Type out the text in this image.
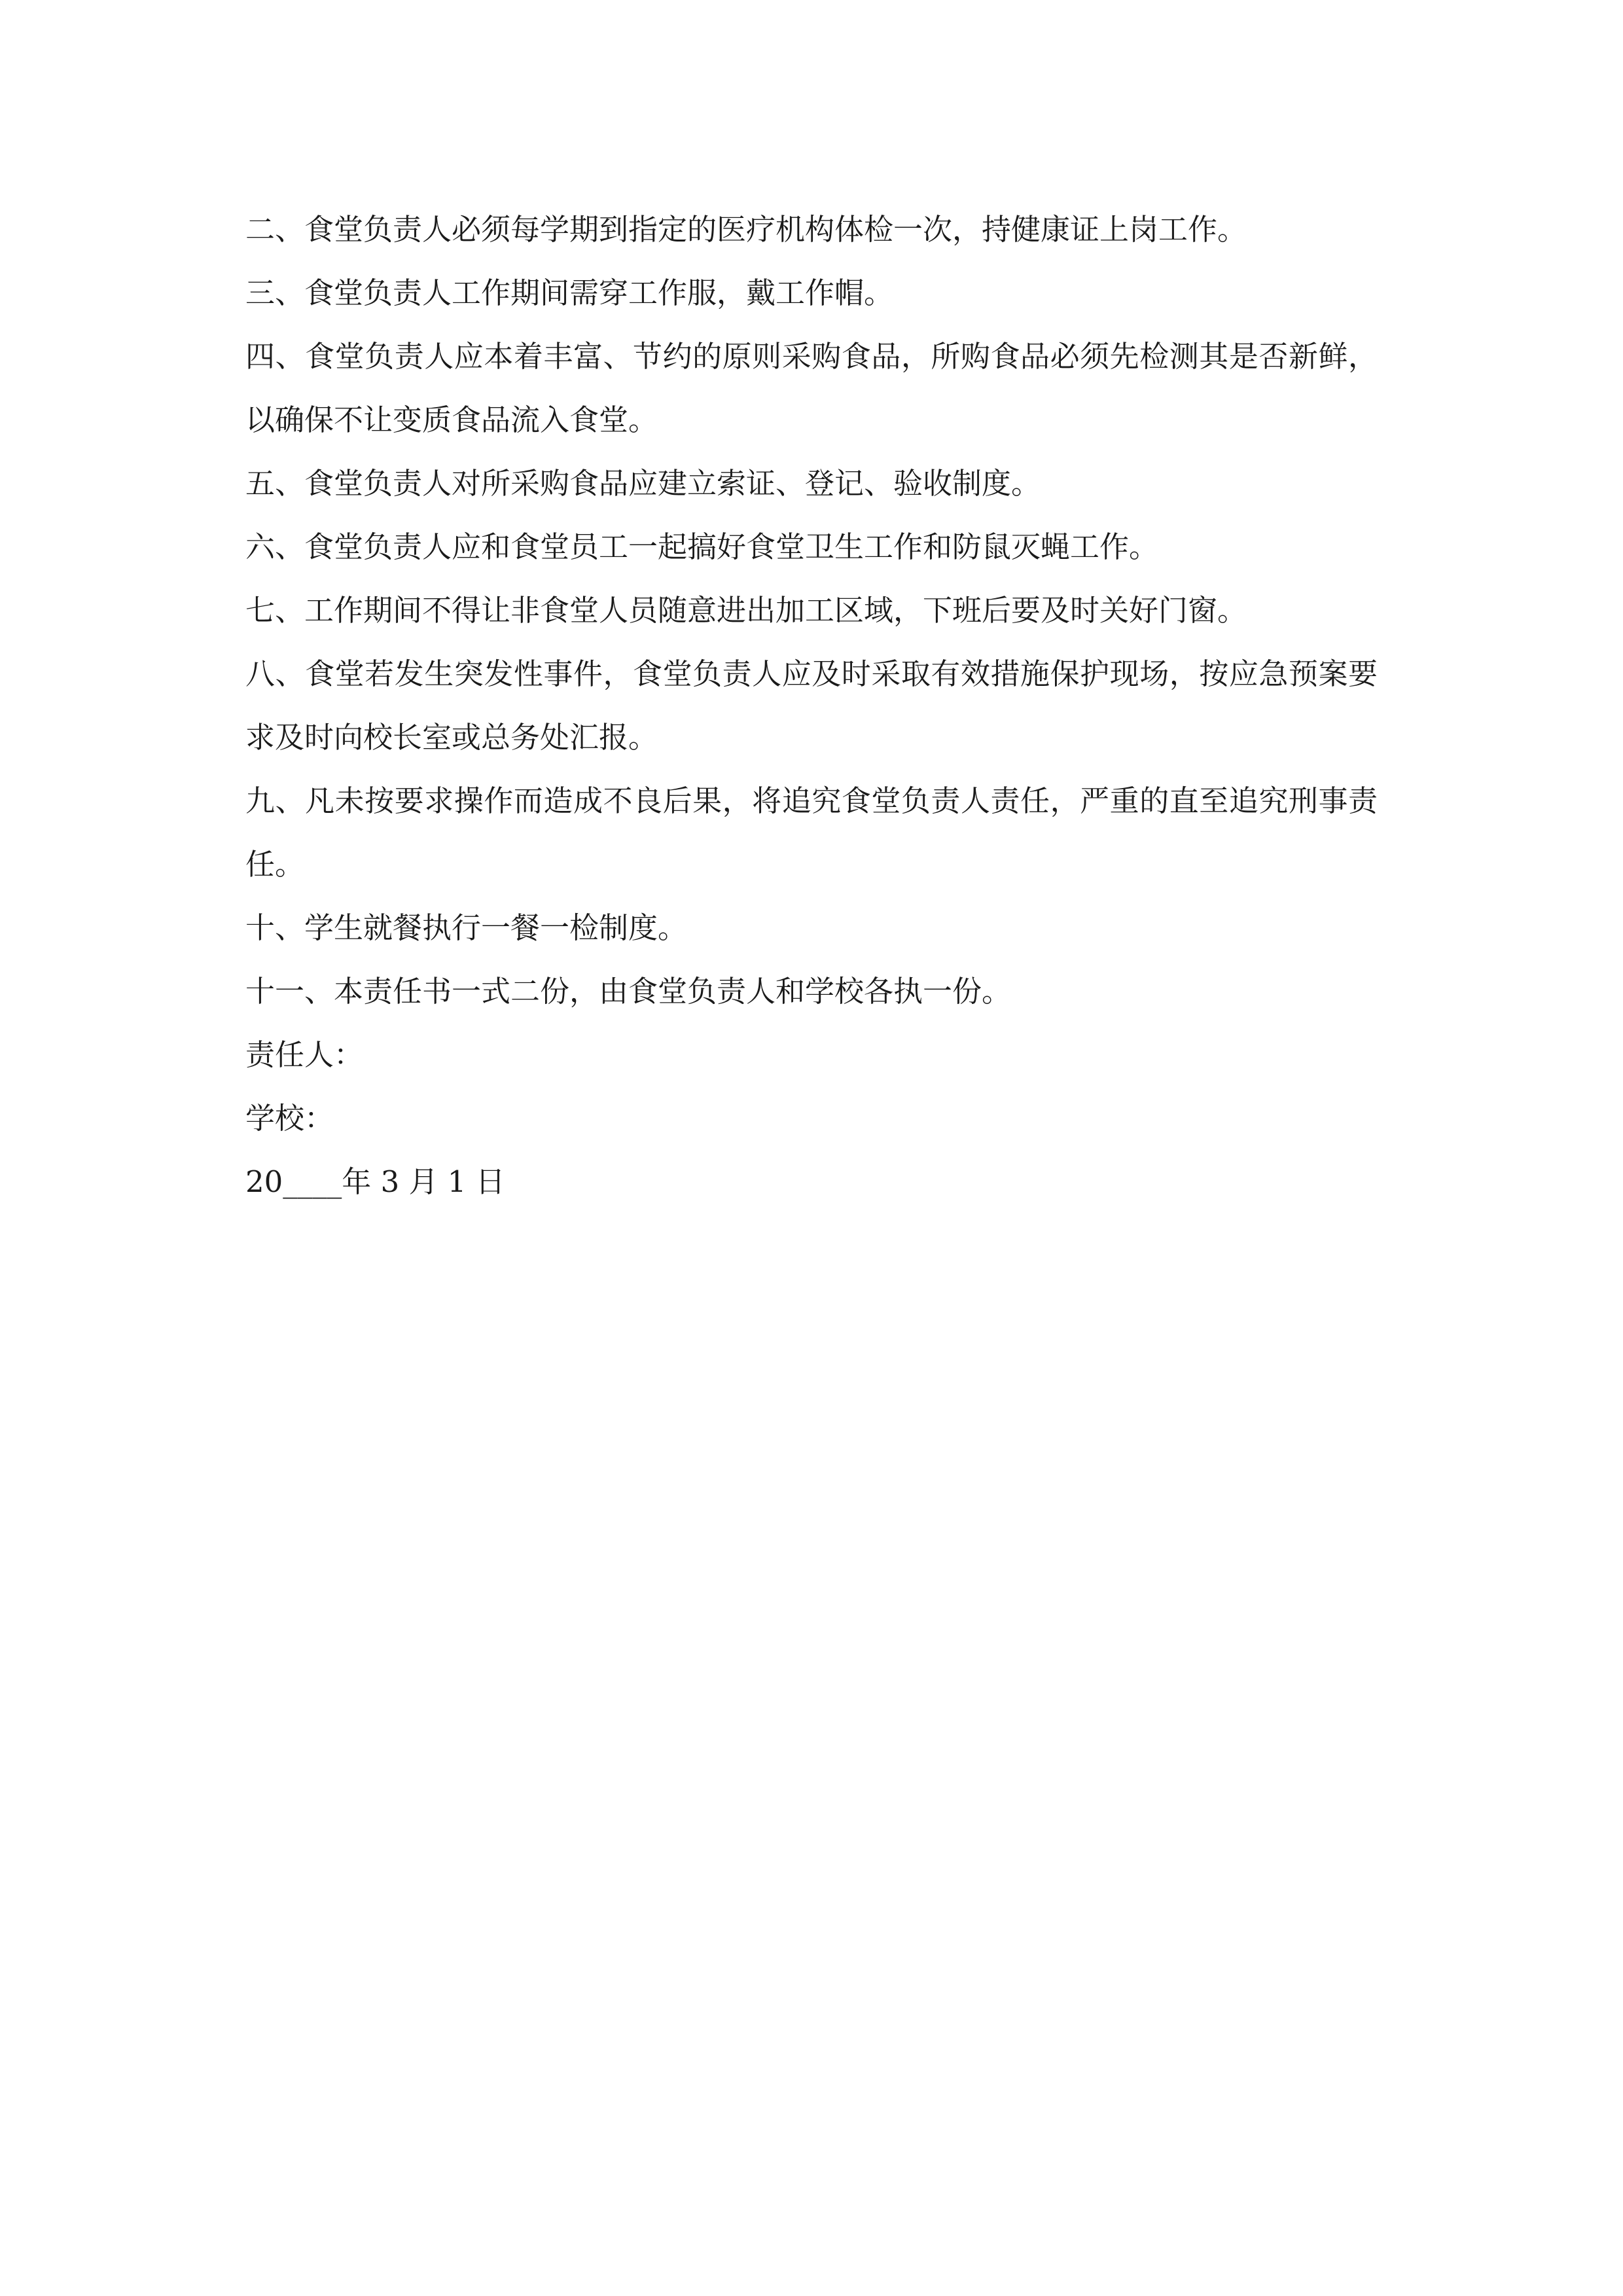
二、食堂负责人必须每学期到指定的医疗机构体检一次，持健康证上岗工作。

三、食堂负责人工作期间需穿工作服，戴工作帽。

四、食堂负责人应本着丰富、节约的原则采购食品，所购食品必须先检测其是否新鲜，以确保不让变质食品流入食堂。

五、食堂负责人对所采购食品应建立索证、登记、验收制度。

六、食堂负责人应和食堂员工一起搞好食堂卫生工作和防鼠灭蝇工作。

七、工作期间不得让非食堂人员随意进出加工区域，下班后要及时关好门窗。

八、食堂若发生突发性事件，食堂负责人应及时采取有效措施保护现场，按应急预案要求及时向校长室或总务处汇报。

九、凡未按要求操作而造成不良后果，将追究食堂负责人责任，严重的直至追究刑事责任。

十、学生就餐执行一餐一检制度。

十一、本责任书一式二份，由食堂负责人和学校各执一份。

责任人：

学校：

20____年 3 月 1 日
